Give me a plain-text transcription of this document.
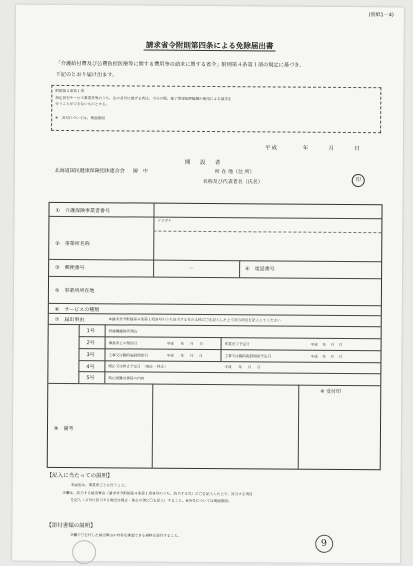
(別紙1－4)
請求省令附則第四条による免除届出書
「介護給付費及び公費負担医療等に関する費用等の請求に関する省令」附則第４条第１項の規定に基づき、
下記のとおり届け出ます。
附則第４条第１項
指定居宅サービス事業者等のうち、次の各号に掲げる者は、当分の間、電子情報処理組織の使用による請求を
行うことができないものとする。
※　各号については、裏面参照
平成	年	月	日
開　設　者
北海道国民健康保険団体連合会 御　中	所 在 地（住 所）
名称及び代表者名（氏名）	印
①　介護保険事業者番号
フリガナ
②　事業所名称
③　郵便番号	－	④　電話番号
⑤　事業所所在地
⑥　サービスの種類
⑦　届出事由	※請求省令附則第４条第１項各号のうち該当する号の太枠に〇を記入した上で該当項目を記入してください
1号	回線機能障害現在
2号	事業者との契約日	平成 年 月 日	作業完了予定日	平成 年 月 日
3号	工事又は臨時施設開始日	平成 年 月 日	工事又は臨時施設開始予定日	平成 年 月 日
4号	廃止又は休止予定日　（廃止・休止）	平成 年 月 日
5号	特に困難な事情の内容
⑧　備考
※ 受付印
【記入に当たっての説明】
本届出は、事業所ごとに行うこと。
⑦欄は、該当する届出事由（請求省令附則第４条第１項各号のうち、該当する号）に〇を記入した上で、該当する項目
を記入（４号に該当する場合は廃止・休止の別に〇を記入）すること。※各号については裏面参照。
【添付書類の説明】
⑦欄で〇を付した届出事由の内容を確認できる資料を添付すること。
9
